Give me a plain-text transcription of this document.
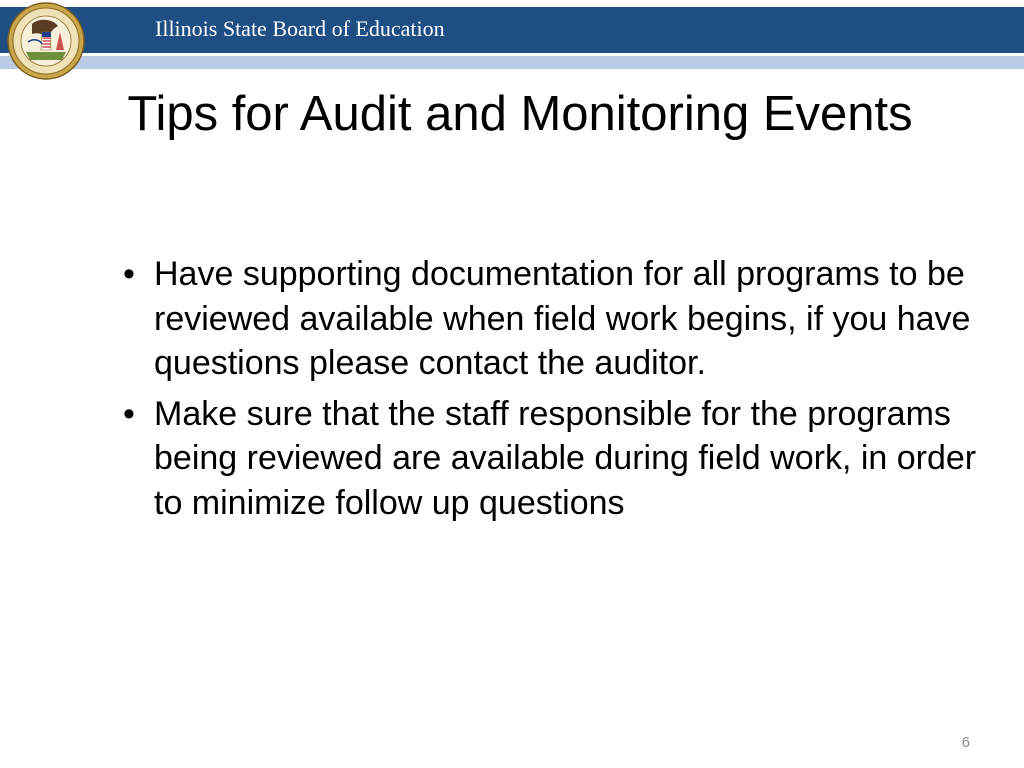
Illinois State Board of Education
Tips for Audit and Monitoring Events
• Have supporting documentation for all programs to be reviewed available when field work begins, if you have questions please contact the auditor.
• Make sure that the staff responsible for the programs being reviewed are available during field work, in order to minimize follow up questions
6
